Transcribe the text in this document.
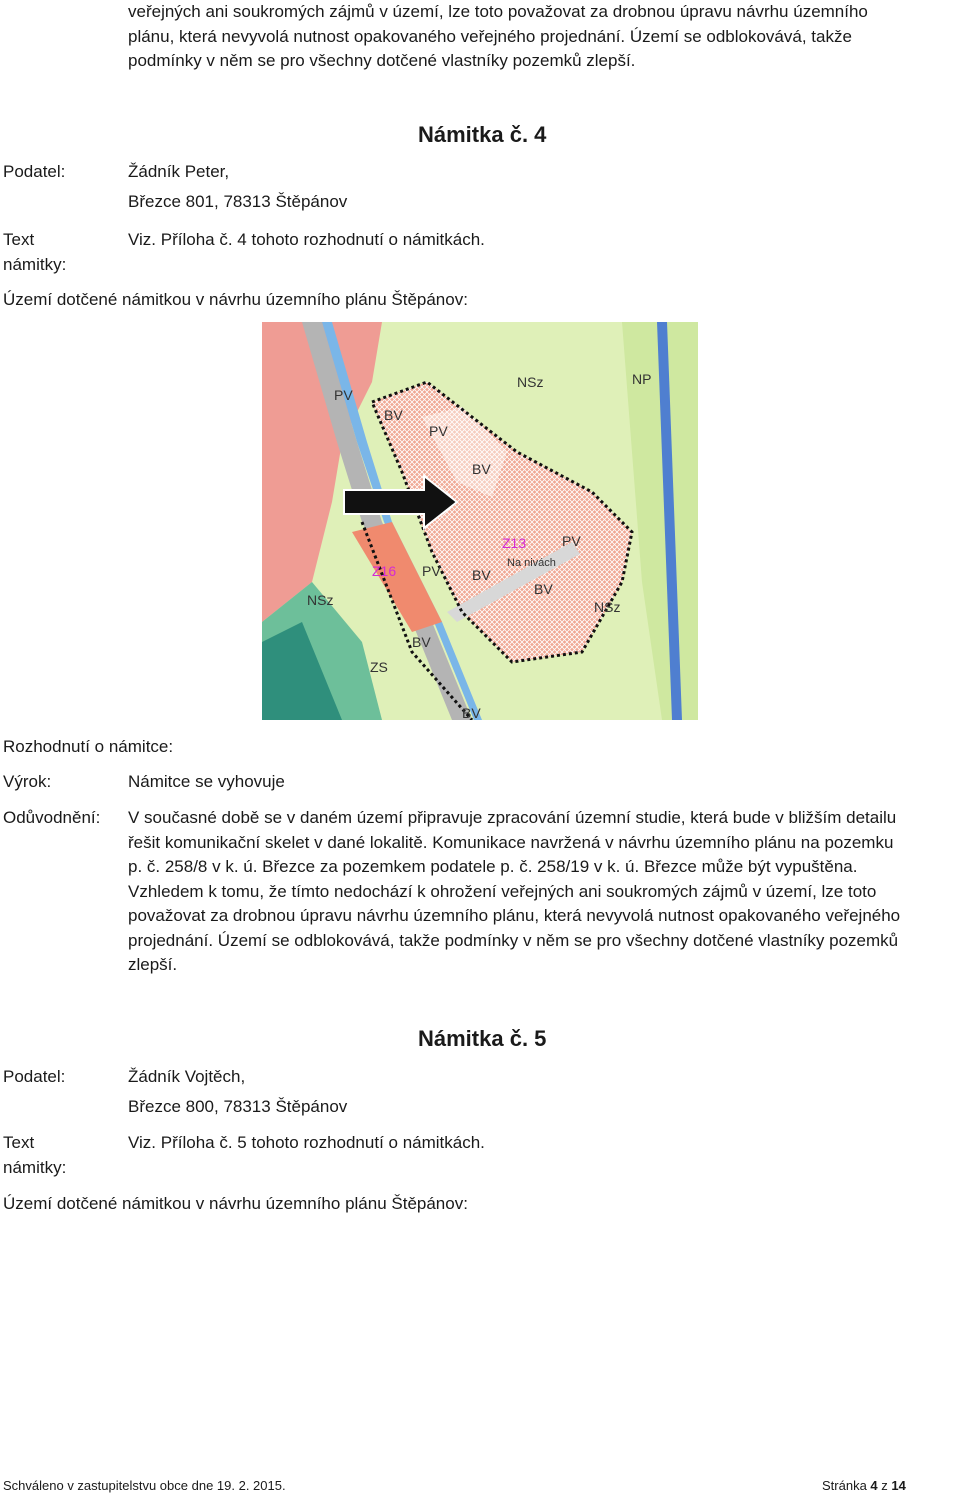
veřejných ani soukromých zájmů v území, lze toto považovat za drobnou úpravu návrhu územního
plánu, která nevyvolá nutnost opakovaného veřejného projednání. Území se odblokovává, takže
podmínky v něm se pro všechny dotčené vlastníky pozemků zlepší.
Námitka č. 4
Podatel:	Žádník Peter,
Březce 801, 78313 Štěpánov
Text
námitky:
Viz. Příloha č. 4 tohoto rozhodnutí o námitkách.
Území dotčené námitkou v návrhu územního plánu Štěpánov:
PV
BV
PV
BV
NSz	NP
Z13	PV
Na nivách
BV
BV
NSz
Z16 PV
NSz
BV
ZS
BV
Rozhodnutí o námitce:
Výrok:	Námitce se vyhovuje
Odůvodnění: V současné době se v daném území připravuje zpracování územní studie, která bude v bližším detailu
řešit komunikační skelet v dané lokalitě. Komunikace navržená v návrhu územního plánu na pozemku
p. č. 258/8 v k. ú. Březce za pozemkem podatele p. č. 258/19 v k. ú. Březce může být vypuštěna.
Vzhledem k tomu, že tímto nedochází k ohrožení veřejných ani soukromých zájmů v území, lze toto
považovat za drobnou úpravu návrhu územního plánu, která nevyvolá nutnost opakovaného veřejného
projednání. Území se odblokovává, takže podmínky v něm se pro všechny dotčené vlastníky pozemků
zlepší.
Námitka č. 5
Podatel:	Žádník Vojtěch,
Březce 800, 78313 Štěpánov
Text
námitky:
Viz. Příloha č. 5 tohoto rozhodnutí o námitkách.
Území dotčené námitkou v návrhu územního plánu Štěpánov:
Schváleno v zastupitelstvu obce dne 19. 2. 2015.	Stránka 4 z 14
